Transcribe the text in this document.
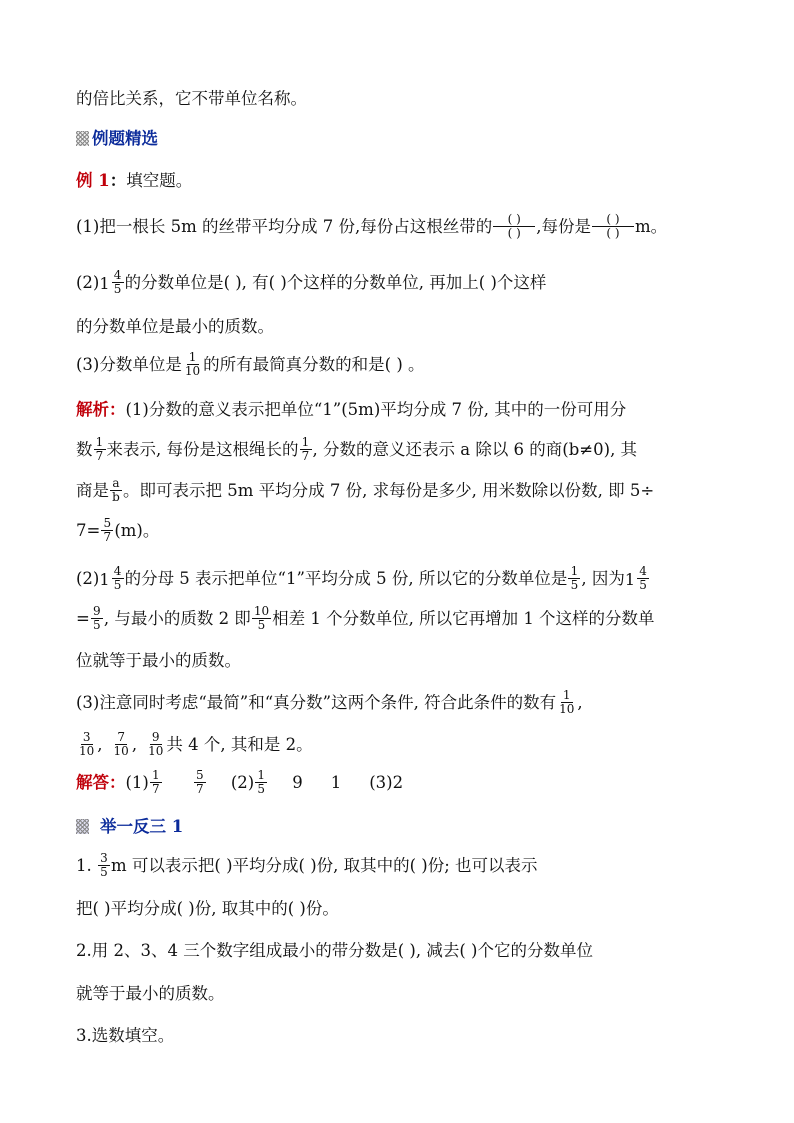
的倍比关系，它不带单位名称。
例题精选
例 1：填空题。
(1)把一根长 5m 的丝带平均分成 7 份,每份占这根丝带的 $\frac{( )}{( )}$ ,每份是 $\frac{( )}{( )}$ m。
(2) $1 \frac{4}{5}$ 的分数单位是( ), 有( )个这样的分数单位, 再加上( )个这样
的分数单位是最小的质数。
(3)分数单位是 $\frac{1}{10}$ 的所有最简真分数的和是( ) 。
解析：(1)分数的意义表示把单位“1”(5m)平均分成 7 份, 其中的一份可用分
数 $\frac{1}{7}$ 来表示, 每份是这根绳长的 $\frac{1}{7}$ , 分数的意义还表示 a 除以 6 的商(b≠0), 其
商是 $\frac{a}{b}$ 。即可表示把 5m 平均分成 7 份, 求每份是多少, 用米数除以份数, 即 5÷
$7= \frac{5}{7} (m)$。
(2) $1 \frac{4}{5}$ 的分母 5 表示把单位“1”平均分成 5 份, 所以它的分数单位是 $\frac{1}{5}$ , 因为 $1 \frac{4}{5}$
= $\frac{9}{5}$ , 与最小的质数 2 即 $\frac{10}{5}$ 相差 1 个分数单位, 所以它再增加 1 个这样的分数单
位就等于最小的质数。
(3)注意同时考虑“最简”和“真分数”这两个条件, 符合此条件的数有 $\frac{1}{10}$ ,
$\frac{3}{10}$ , $\frac{7}{10}$ , $\frac{9}{10}$ 共 4 个, 其和是 2。
解答：$(1) \frac{1}{7}$	$\frac{5}{7} (2) \frac{1}{5} 9$ 1 (3)2
举一反三 1
1. $\frac{3}{5}$ m 可以表示把( )平均分成( )份, 取其中的( )份; 也可以表示
把( )平均分成( )份, 取其中的( )份。
2.用 2、3、4 三个数字组成最小的带分数是( ), 减去( )个它的分数单位
就等于最小的质数。
3.选数填空。
